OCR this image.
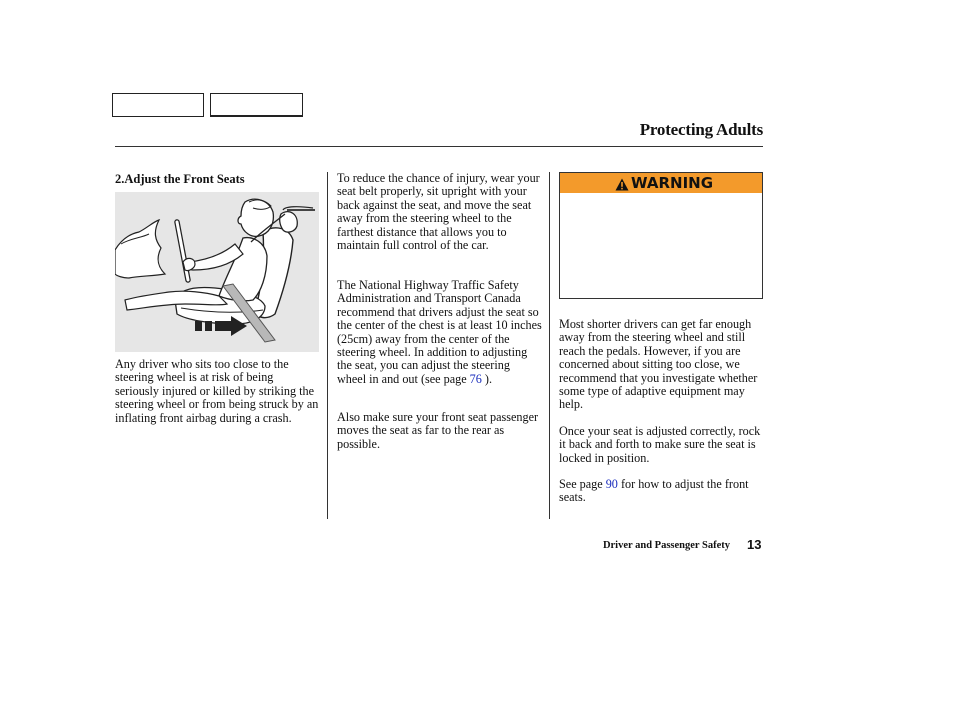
Protecting Adults
2.Adjust the Front Seats

Any driver who sits too close to the steering wheel is at risk of being seriously injured or killed by striking the steering wheel or from being struck by an inflating front airbag during a crash.

To reduce the chance of injury, wear your seat belt properly, sit upright with your back against the seat, and move the seat away from the steering wheel to the farthest distance that allows you to maintain full control of the car.

The National Highway Traffic Safety Administration and Transport Canada recommend that drivers adjust the seat so the center of the chest is at least 10 inches (25cm) away from the center of the steering wheel. In addition to adjusting the seat, you can adjust the steering wheel in and out (see page 76 ).

Also make sure your front seat passenger moves the seat as far to the rear as possible.

WARNING

Most shorter drivers can get far enough away from the steering wheel and still reach the pedals. However, if you are concerned about sitting too close, we recommend that you investigate whether some type of adaptive equipment may help.

Once your seat is adjusted correctly, rock it back and forth to make sure the seat is locked in position.

See page 90 for how to adjust the front seats.

Driver and Passenger Safety 13
